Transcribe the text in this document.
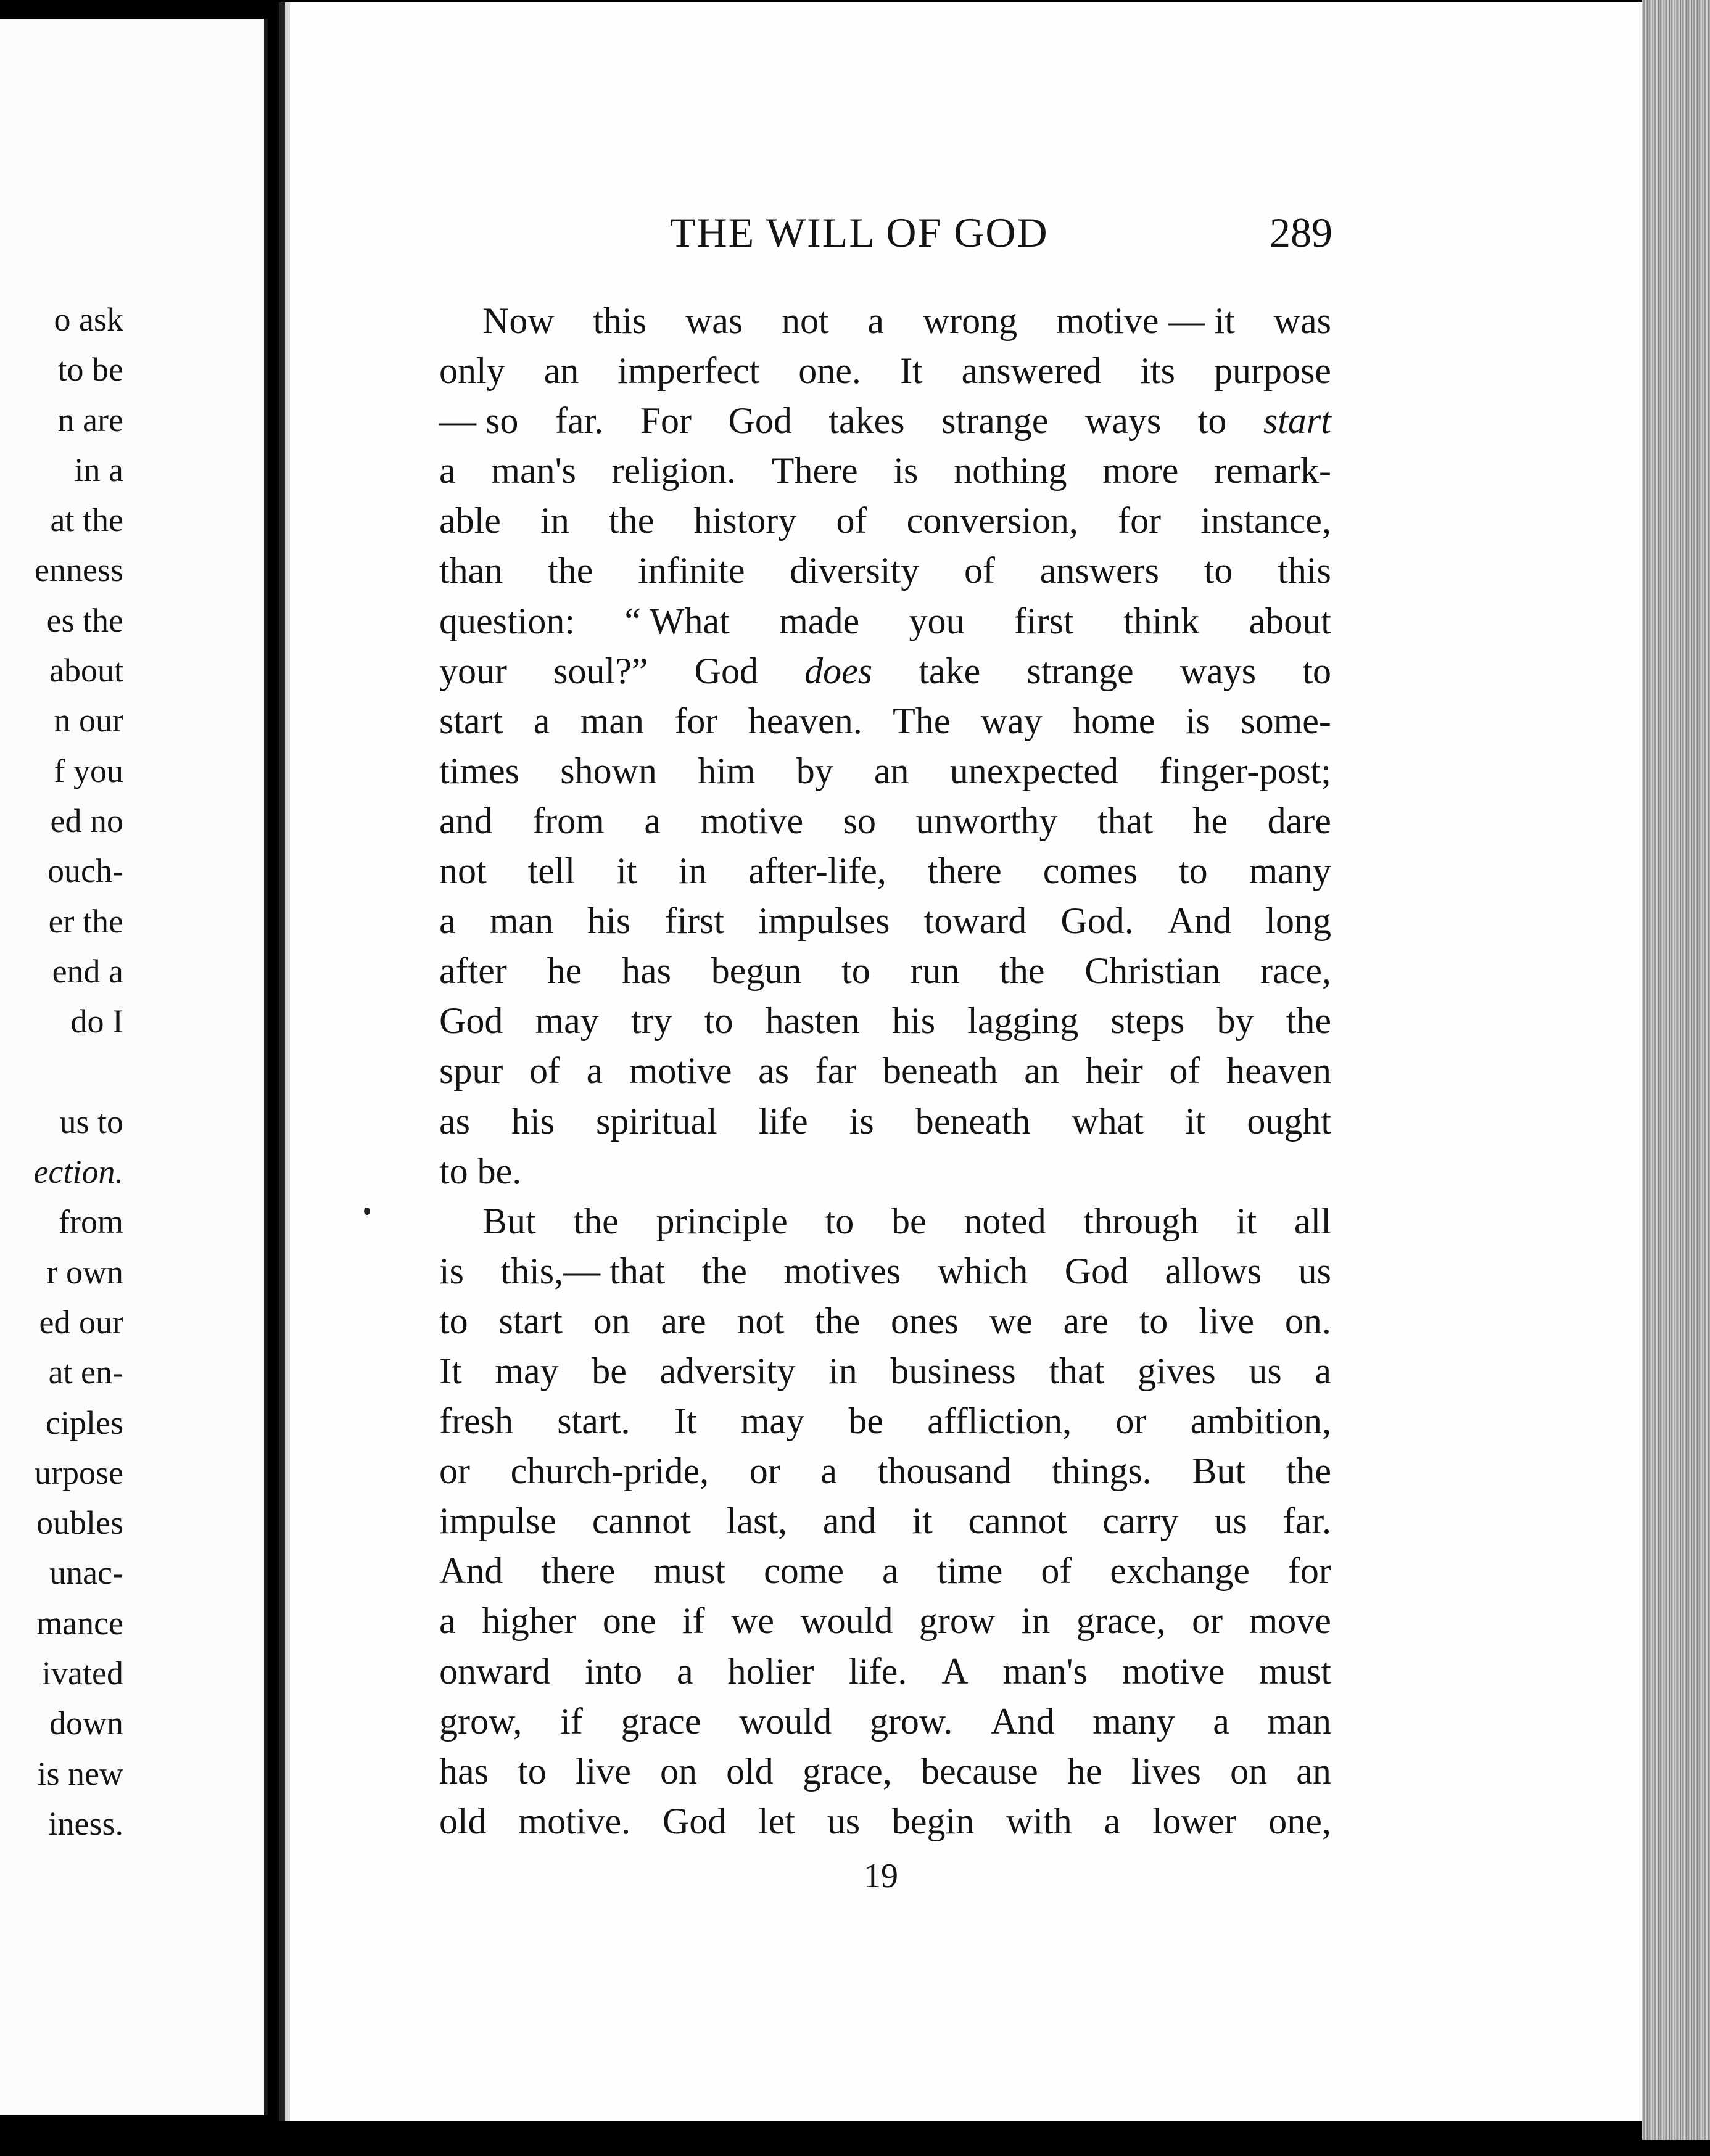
o ask
to be
n are
in a
at the
enness
es the
about
n our
f you
ed no
ouch-
er the
end a
do I

us to
ection.
from
r own
ed our
at en-
ciples
urpose
oubles
unac-
mance
ivated
down
is new
iness.
THE WILL OF GOD	289
Now this was not a wrong motive — it was
only an imperfect one. It answered its purpose
— so far. For God takes strange ways to start
a man's religion. There is nothing more remark-
able in the history of conversion, for instance,
than the infinite diversity of answers to this
question: “ What made you first think about
your soul?” God does take strange ways to
start a man for heaven. The way home is some-
times shown him by an unexpected finger-post;
and from a motive so unworthy that he dare
not tell it in after-life, there comes to many
a man his first impulses toward God. And long
after he has begun to run the Christian race,
God may try to hasten his lagging steps by the
spur of a motive as far beneath an heir of heaven
as his spiritual life is beneath what it ought
to be.
But the principle to be noted through it all
is this,— that the motives which God allows us
to start on are not the ones we are to live on.
It may be adversity in business that gives us a
fresh start. It may be affliction, or ambition,
or church-pride, or a thousand things. But the
impulse cannot last, and it cannot carry us far.
And there must come a time of exchange for
a higher one if we would grow in grace, or move
onward into a holier life. A man's motive must
grow, if grace would grow. And many a man
has to live on old grace, because he lives on an
old motive. God let us begin with a lower one,
19
